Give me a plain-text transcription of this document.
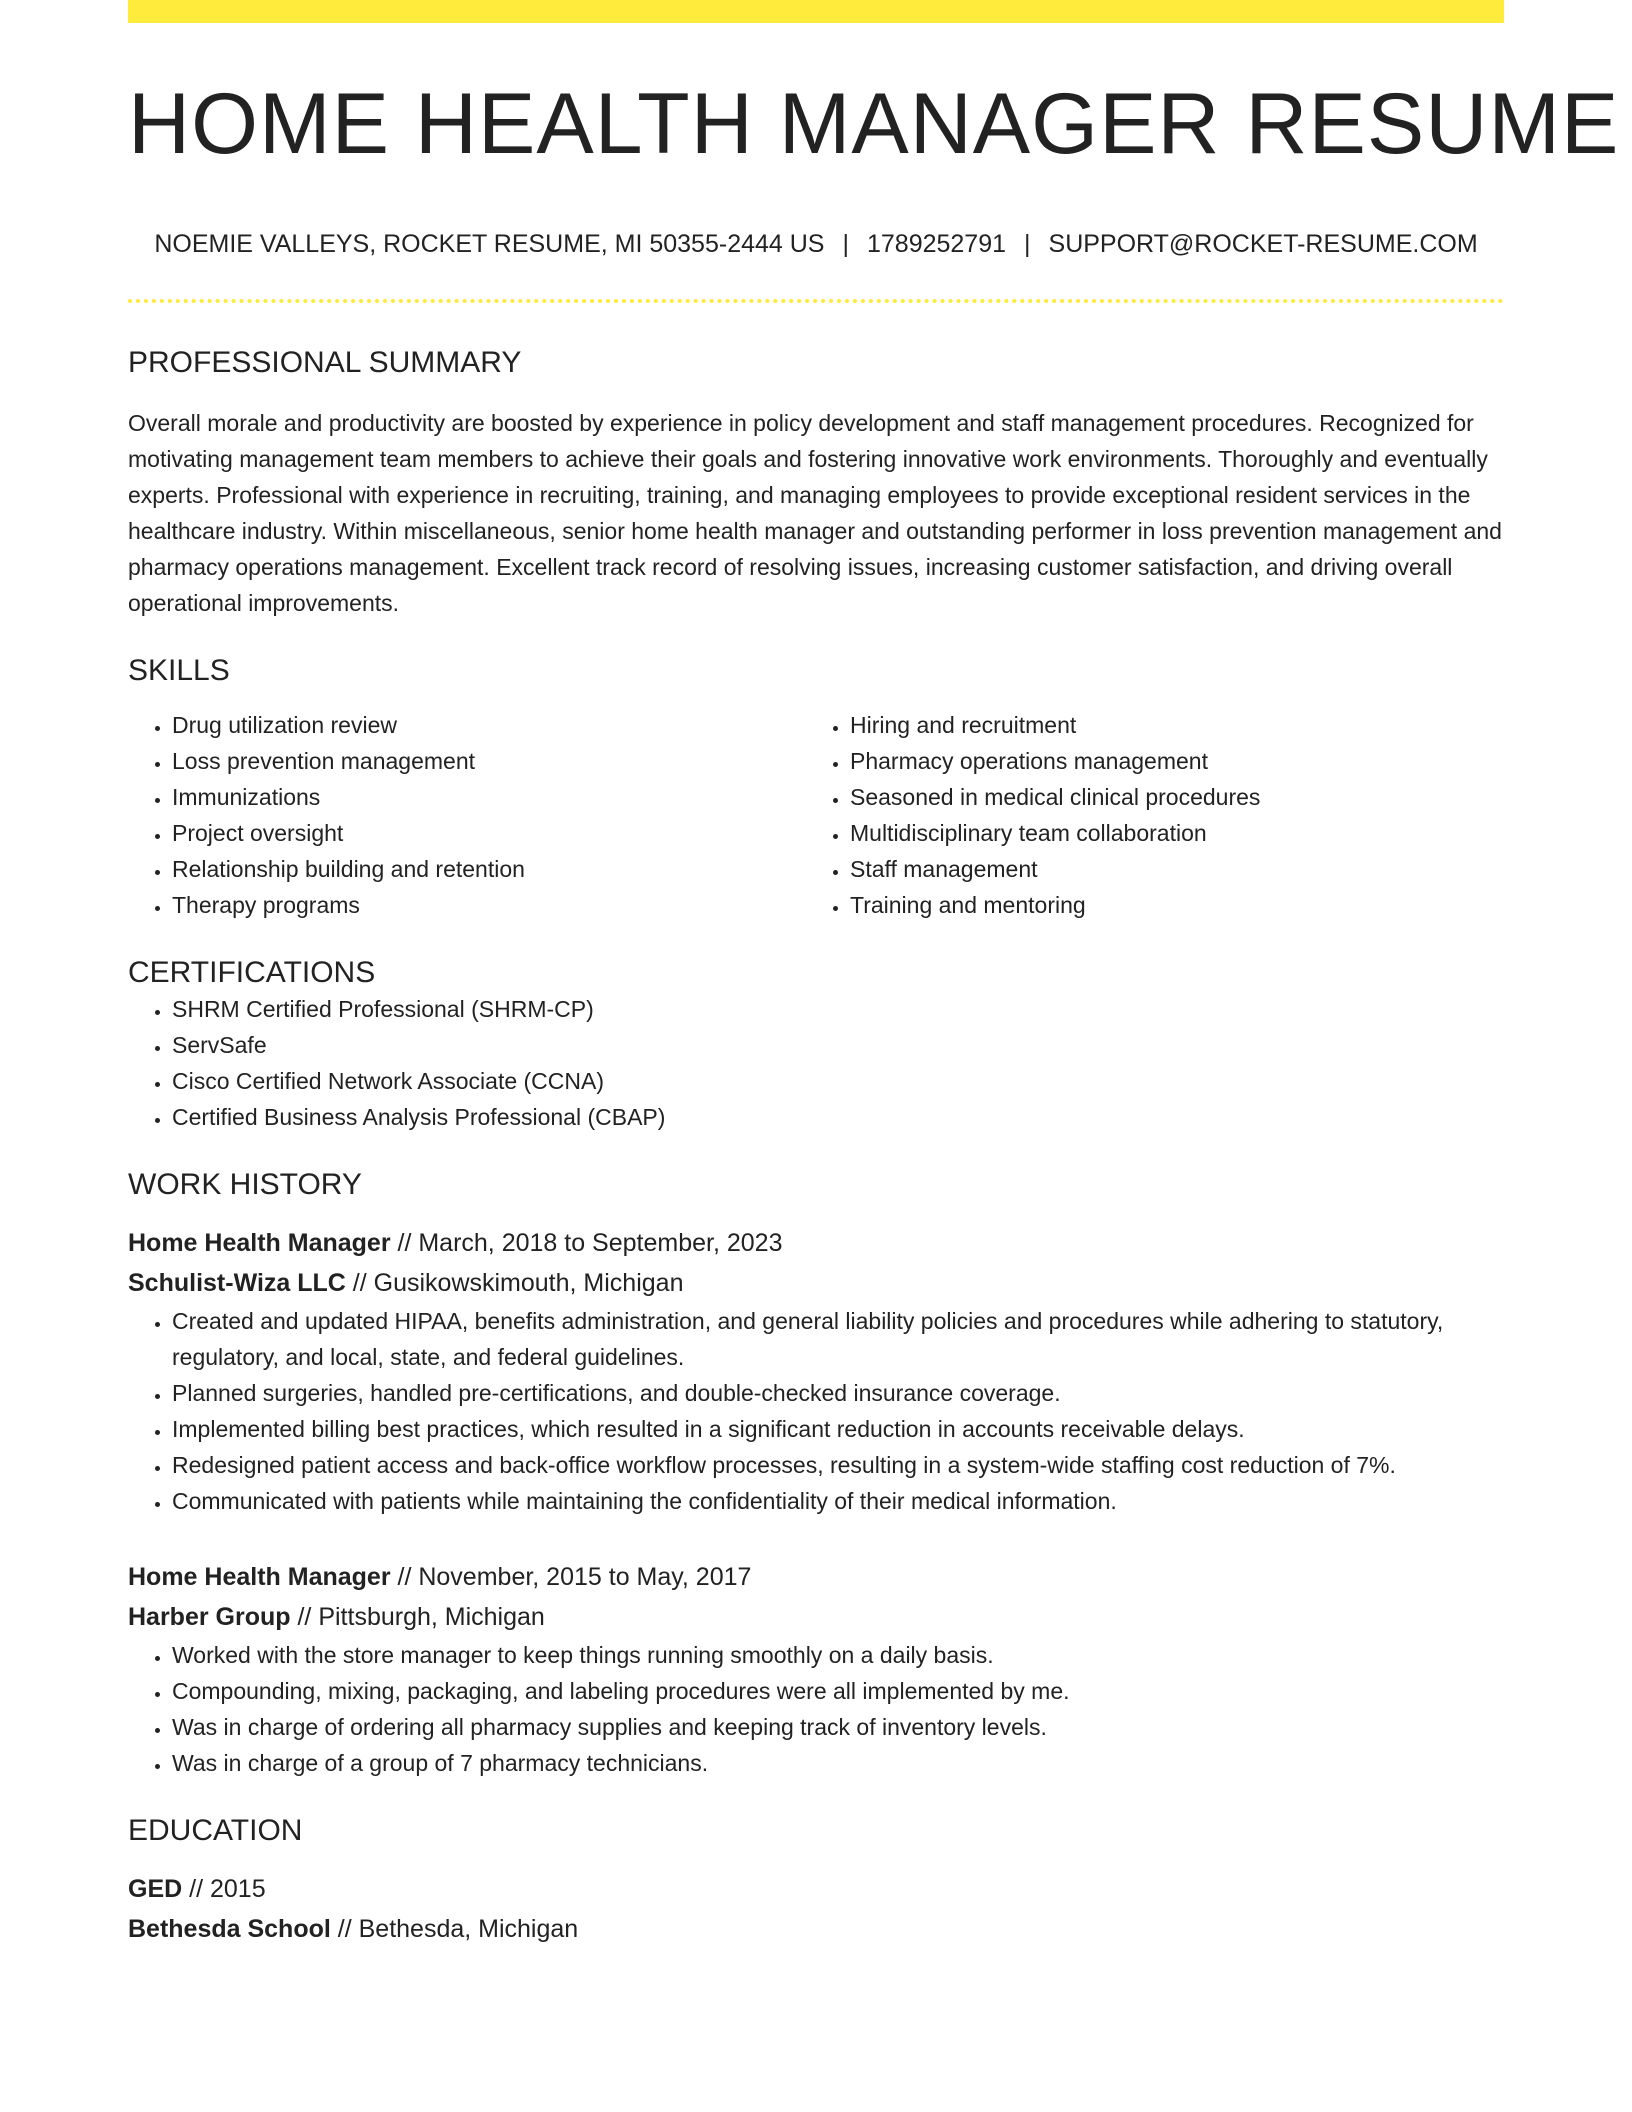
HOME HEALTH MANAGER RESUME
NOEMIE VALLEYS, ROCKET RESUME, MI 50355-2444 US | 1789252791 | SUPPORT@ROCKET-RESUME.COM
PROFESSIONAL SUMMARY
Overall morale and productivity are boosted by experience in policy development and staff management procedures. Recognized for motivating management team members to achieve their goals and fostering innovative work environments. Thoroughly and eventually experts. Professional with experience in recruiting, training, and managing employees to provide exceptional resident services in the healthcare industry. Within miscellaneous, senior home health manager and outstanding performer in loss prevention management and pharmacy operations management. Excellent track record of resolving issues, increasing customer satisfaction, and driving overall operational improvements.
SKILLS
• Drug utilization review
• Loss prevention management
• Immunizations
• Project oversight
• Relationship building and retention
• Therapy programs
• Hiring and recruitment
• Pharmacy operations management
• Seasoned in medical clinical procedures
• Multidisciplinary team collaboration
• Staff management
• Training and mentoring
CERTIFICATIONS
• SHRM Certified Professional (SHRM-CP)
• ServSafe
• Cisco Certified Network Associate (CCNA)
• Certified Business Analysis Professional (CBAP)
WORK HISTORY
Home Health Manager // March, 2018 to September, 2023
Schulist-Wiza LLC // Gusikowskimouth, Michigan
• Created and updated HIPAA, benefits administration, and general liability policies and procedures while adhering to statutory, regulatory, and local, state, and federal guidelines.
• Planned surgeries, handled pre-certifications, and double-checked insurance coverage.
• Implemented billing best practices, which resulted in a significant reduction in accounts receivable delays.
• Redesigned patient access and back-office workflow processes, resulting in a system-wide staffing cost reduction of 7%.
• Communicated with patients while maintaining the confidentiality of their medical information.
Home Health Manager // November, 2015 to May, 2017
Harber Group // Pittsburgh, Michigan
• Worked with the store manager to keep things running smoothly on a daily basis.
• Compounding, mixing, packaging, and labeling procedures were all implemented by me.
• Was in charge of ordering all pharmacy supplies and keeping track of inventory levels.
• Was in charge of a group of 7 pharmacy technicians.
EDUCATION
GED // 2015
Bethesda School // Bethesda, Michigan
